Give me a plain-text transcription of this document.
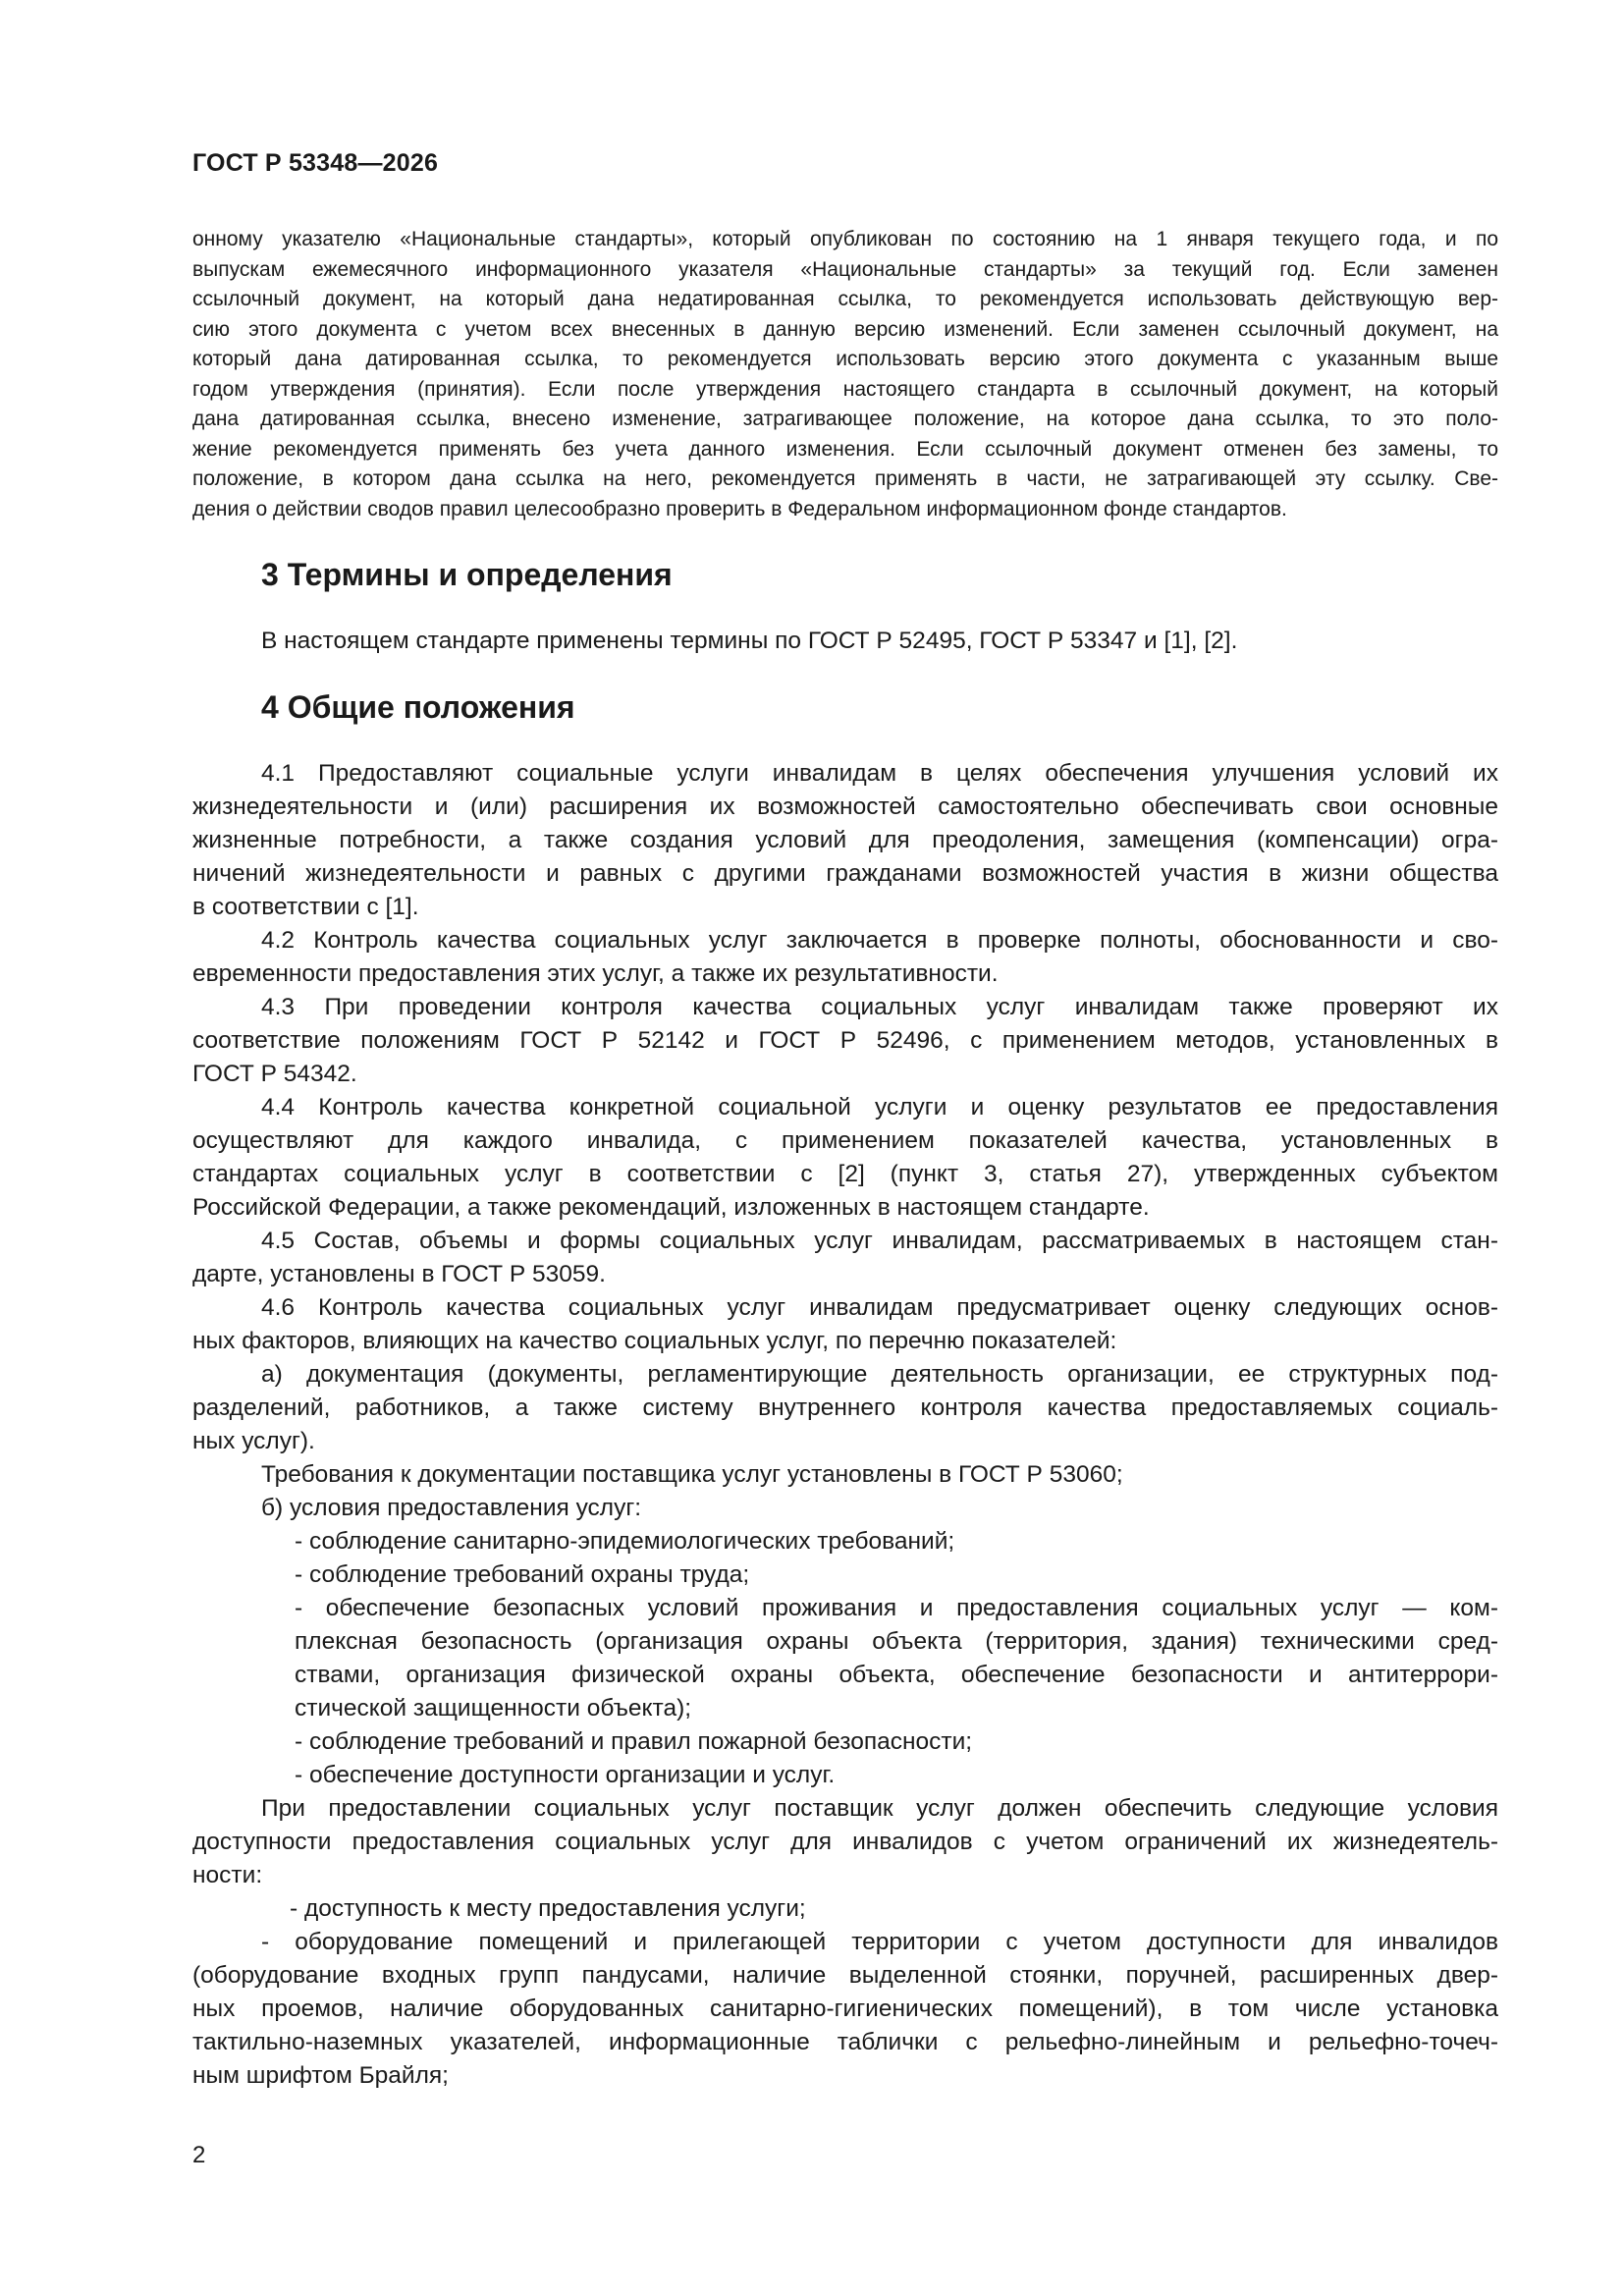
ГОСТ Р 53348—2026

онному указателю «Национальные стандарты», который опубликован по состоянию на 1 января текущего года, и по
выпускам ежемесячного информационного указателя «Национальные стандарты» за текущий год. Если заменен
ссылочный документ, на который дана недатированная ссылка, то рекомендуется использовать действующую вер-
сию этого документа с учетом всех внесенных в данную версию изменений. Если заменен ссылочный документ, на
который дана датированная ссылка, то рекомендуется использовать версию этого документа с указанным выше
годом утверждения (принятия). Если после утверждения настоящего стандарта в ссылочный документ, на который
дана датированная ссылка, внесено изменение, затрагивающее положение, на которое дана ссылка, то это поло-
жение рекомендуется применять без учета данного изменения. Если ссылочный документ отменен без замены, то
положение, в котором дана ссылка на него, рекомендуется применять в части, не затрагивающей эту ссылку. Све-
дения о действии сводов правил целесообразно проверить в Федеральном информационном фонде стандартов.

3 Термины и определения
В настоящем стандарте применены термины по ГОСТ Р 52495, ГОСТ Р 53347 и [1], [2].
4 Общие положения
4.1 Предоставляют социальные услуги инвалидам в целях обеспечения улучшения условий их
жизнедеятельности и (или) расширения их возможностей самостоятельно обеспечивать свои основные
жизненные потребности, а также создания условий для преодоления, замещения (компенсации) огра-
ничений жизнедеятельности и равных с другими гражданами возможностей участия в жизни общества
в соответствии с [1].
4.2 Контроль качества социальных услуг заключается в проверке полноты, обоснованности и сво-
евременности предоставления этих услуг, а также их результативности.
4.3 При проведении контроля качества социальных услуг инвалидам также проверяют их
соответствие положениям ГОСТ Р 52142 и ГОСТ Р 52496, с применением методов, установленных в
ГОСТ Р 54342.
4.4 Контроль качества конкретной социальной услуги и оценку результатов ее предоставления
осуществляют для каждого инвалида, с применением показателей качества, установленных в
стандартах социальных услуг в соответствии с [2] (пункт 3, статья 27), утвержденных субъектом
Российской Федерации, а также рекомендаций, изложенных в настоящем стандарте.
4.5 Состав, объемы и формы социальных услуг инвалидам, рассматриваемых в настоящем стан-
дарте, установлены в ГОСТ Р 53059.
4.6 Контроль качества социальных услуг инвалидам предусматривает оценку следующих основ-
ных факторов, влияющих на качество социальных услуг, по перечню показателей:
а) документация (документы, регламентирующие деятельность организации, ее структурных под-
разделений, работников, а также систему внутреннего контроля качества предоставляемых социаль-
ных услуг).
Требования к документации поставщика услуг установлены в ГОСТ Р 53060;
б) условия предоставления услуг:
- соблюдение санитарно-эпидемиологических требований;
- соблюдение требований охраны труда;
- обеспечение безопасных условий проживания и предоставления социальных услуг — ком-
плексная безопасность (организация охраны объекта (территория, здания) техническими сред-
ствами, организация физической охраны объекта, обеспечение безопасности и антитеррори-
стической защищенности объекта);
- соблюдение требований и правил пожарной безопасности;
- обеспечение доступности организации и услуг.
При предоставлении социальных услуг поставщик услуг должен обеспечить следующие условия
доступности предоставления социальных услуг для инвалидов с учетом ограничений их жизнедеятель-
ности:
- доступность к месту предоставления услуги;
- оборудование помещений и прилегающей территории с учетом доступности для инвалидов
(оборудование входных групп пандусами, наличие выделенной стоянки, поручней, расширенных двер-
ных проемов, наличие оборудованных санитарно-гигиенических помещений), в том числе установка
тактильно-наземных указателей, информационные таблички с рельефно-линейным и рельефно-точеч-
ным шрифтом Брайля;
2
